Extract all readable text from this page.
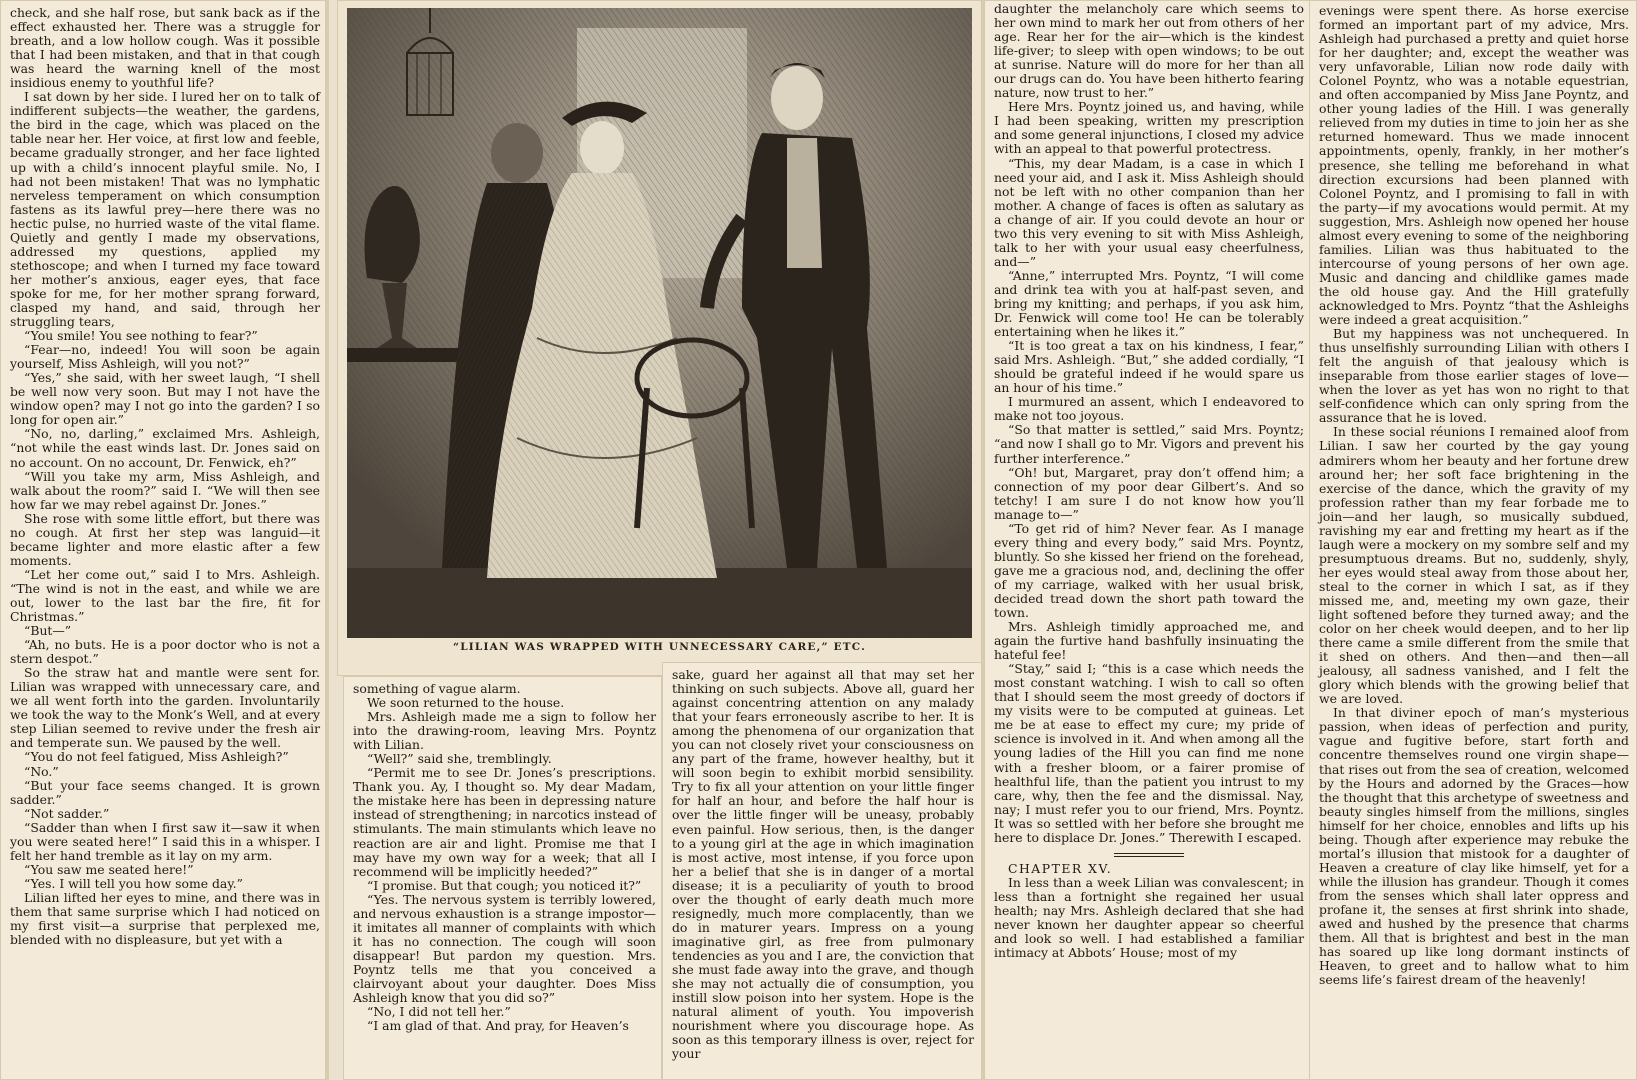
check, and she half rose, but sank back as if the effect exhausted her. There was a struggle for breath, and a low hollow cough. Was it possible that I had been mistaken, and that in that cough was heard the warning knell of the most insidious enemy to youthful life?

I sat down by her side. I lured her on to talk of indifferent subjects—the weather, the gardens, the bird in the cage, which was placed on the table near her. Her voice, at first low and feeble, became gradually stronger, and her face lighted up with a child’s innocent playful smile. No, I had not been mistaken! That was no lymphatic nerveless temperament on which consumption fastens as its lawful prey—here there was no hectic pulse, no hurried waste of the vital flame. Quietly and gently I made my observations, addressed my questions, applied my stethoscope; and when I turned my face toward her mother’s anxious, eager eyes, that face spoke for me, for her mother sprang forward, clasped my hand, and said, through her struggling tears,

“You smile! You see nothing to fear?”

“Fear—no, indeed! You will soon be again yourself, Miss Ashleigh, will you not?”

“Yes,” she said, with her sweet laugh, “I shell be well now very soon. But may I not have the window open? may I not go into the garden? I so long for open air.”

“No, no, darling,” exclaimed Mrs. Ashleigh, “not while the east winds last. Dr. Jones said on no account. On no account, Dr. Fenwick, eh?”

“Will you take my arm, Miss Ashleigh, and walk about the room?” said I. “We will then see how far we may rebel against Dr. Jones.”

She rose with some little effort, but there was no cough. At first her step was languid—it became lighter and more elastic after a few moments.

“Let her come out,” said I to Mrs. Ashleigh. “The wind is not in the east, and while we are out, lower to the last bar the fire, fit for Christmas.”

“But—”

“Ah, no buts. He is a poor doctor who is not a stern despot.”

So the straw hat and mantle were sent for. Lilian was wrapped with unnecessary care, and we all went forth into the garden. Involuntarily we took the way to the Monk’s Well, and at every step Lilian seemed to revive under the fresh air and temperate sun. We paused by the well.

“You do not feel fatigued, Miss Ashleigh?”

“No.”

“But your face seems changed. It is grown sadder.”

“Not sadder.”

“Sadder than when I first saw it—saw it when you were seated here!” I said this in a whisper. I felt her hand tremble as it lay on my arm.

“You saw me seated here!”

“Yes. I will tell you how some day.”

Lilian lifted her eyes to mine, and there was in them that same surprise which I had noticed on my first visit—a surprise that perplexed me, blended with no displeasure, but yet with a

“LILIAN WAS WRAPPED WITH UNNECESSARY CARE,” ETC.

something of vague alarm.

We soon returned to the house.

Mrs. Ashleigh made me a sign to follow her into the drawing-room, leaving Mrs. Poyntz with Lilian.

“Well?” said she, tremblingly.

“Permit me to see Dr. Jones’s prescriptions. Thank you. Ay, I thought so. My dear Madam, the mistake here has been in depressing nature instead of strengthening; in narcotics instead of stimulants. The main stimulants which leave no reaction are air and light. Promise me that I may have my own way for a week; that all I recommend will be implicitly heeded?”

“I promise. But that cough; you noticed it?”

“Yes. The nervous system is terribly lowered, and nervous exhaustion is a strange impostor—it imitates all manner of complaints with which it has no connection. The cough will soon disappear! But pardon my question. Mrs. Poyntz tells me that you conceived a clairvoyant about your daughter. Does Miss Ashleigh know that you did so?”

“No, I did not tell her.”

“I am glad of that. And pray, for Heaven’s

sake, guard her against all that may set her thinking on such subjects. Above all, guard her against concentring attention on any malady that your fears erroneously ascribe to her. It is among the phenomena of our organization that you can not closely rivet your consciousness on any part of the frame, however healthy, but it will soon begin to exhibit morbid sensibility. Try to fix all your attention on your little finger for half an hour, and before the half hour is over the little finger will be uneasy, probably even painful. How serious, then, is the danger to a young girl at the age in which imagination is most active, most intense, if you force upon her a belief that she is in danger of a mortal disease; it is a peculiarity of youth to brood over the thought of early death much more resignedly, much more complacently, than we do in maturer years. Impress on a young imaginative girl, as free from pulmonary tendencies as you and I are, the conviction that she must fade away into the grave, and though she may not actually die of consumption, you instill slow poison into her system. Hope is the natural aliment of youth. You impoverish nourishment where you discourage hope. As soon as this temporary illness is over, reject for your

daughter the melancholy care which seems to her own mind to mark her out from others of her age. Rear her for the air—which is the kindest life-giver; to sleep with open windows; to be out at sunrise. Nature will do more for her than all our drugs can do. You have been hitherto fearing nature, now trust to her.”

Here Mrs. Poyntz joined us, and having, while I had been speaking, written my prescription and some general injunctions, I closed my advice with an appeal to that powerful protectress.

“This, my dear Madam, is a case in which I need your aid, and I ask it. Miss Ashleigh should not be left with no other companion than her mother. A change of faces is often as salutary as a change of air. If you could devote an hour or two this very evening to sit with Miss Ashleigh, talk to her with your usual easy cheerfulness, and—”

“Anne,” interrupted Mrs. Poyntz, “I will come and drink tea with you at half-past seven, and bring my knitting; and perhaps, if you ask him, Dr. Fenwick will come too! He can be tolerably entertaining when he likes it.”

“It is too great a tax on his kindness, I fear,” said Mrs. Ashleigh. “But,” she added cordially, “I should be grateful indeed if he would spare us an hour of his time.”

I murmured an assent, which I endeavored to make not too joyous.

“So that matter is settled,” said Mrs. Poyntz; “and now I shall go to Mr. Vigors and prevent his further interference.”

“Oh! but, Margaret, pray don’t offend him; a connection of my poor dear Gilbert’s. And so tetchy! I am sure I do not know how you’ll manage to—”

“To get rid of him? Never fear. As I manage every thing and every body,” said Mrs. Poyntz, bluntly. So she kissed her friend on the forehead, gave me a gracious nod, and, declining the offer of my carriage, walked with her usual brisk, decided tread down the short path toward the town.

Mrs. Ashleigh timidly approached me, and again the furtive hand bashfully insinuating the hateful fee!

“Stay,” said I; “this is a case which needs the most constant watching. I wish to call so often that I should seem the most greedy of doctors if my visits were to be computed at guineas. Let me be at ease to effect my cure; my pride of science is involved in it. And when among all the young ladies of the Hill you can find me none with a fresher bloom, or a fairer promise of healthful life, than the patient you intrust to my care, why, then the fee and the dismissal. Nay, nay; I must refer you to our friend, Mrs. Poyntz. It was so settled with her before she brought me here to displace Dr. Jones.” Therewith I escaped.

CHAPTER XV.

In less than a week Lilian was convalescent; in less than a fortnight she regained her usual health; nay Mrs. Ashleigh declared that she had never known her daughter appear so cheerful and look so well. I had established a familiar intimacy at Abbots’ House; most of my

evenings were spent there. As horse exercise formed an important part of my advice, Mrs. Ashleigh had purchased a pretty and quiet horse for her daughter; and, except the weather was very unfavorable, Lilian now rode daily with Colonel Poyntz, who was a notable equestrian, and often accompanied by Miss Jane Poyntz, and other young ladies of the Hill. I was generally relieved from my duties in time to join her as she returned homeward. Thus we made innocent appointments, openly, frankly, in her mother’s presence, she telling me beforehand in what direction excursions had been planned with Colonel Poyntz, and I promising to fall in with the party—if my avocations would permit. At my suggestion, Mrs. Ashleigh now opened her house almost every evening to some of the neighboring families. Lilian was thus habituated to the intercourse of young persons of her own age. Music and dancing and childlike games made the old house gay. And the Hill gratefully acknowledged to Mrs. Poyntz “that the Ashleighs were indeed a great acquisition.”

But my happiness was not unchequered. In thus unselfishly surrounding Lilian with others I felt the anguish of that jealousy which is inseparable from those earlier stages of love—when the lover as yet has won no right to that self-confidence which can only spring from the assurance that he is loved.

In these social réunions I remained aloof from Lilian. I saw her courted by the gay young admirers whom her beauty and her fortune drew around her; her soft face brightening in the exercise of the dance, which the gravity of my profession rather than my fear forbade me to join—and her laugh, so musically subdued, ravishing my ear and fretting my heart as if the laugh were a mockery on my sombre self and my presumptuous dreams. But no, suddenly, shyly, her eyes would steal away from those about her, steal to the corner in which I sat, as if they missed me, and, meeting my own gaze, their light softened before they turned away; and the color on her cheek would deepen, and to her lip there came a smile different from the smile that it shed on others. And then—and then—all jealousy, all sadness vanished, and I felt the glory which blends with the growing belief that we are loved.

In that diviner epoch of man’s mysterious passion, when ideas of perfection and purity, vague and fugitive before, start forth and concentre themselves round one virgin shape—that rises out from the sea of creation, welcomed by the Hours and adorned by the Graces—how the thought that this archetype of sweetness and beauty singles himself from the millions, singles himself for her choice, ennobles and lifts up his being. Though after experience may rebuke the mortal’s illusion that mistook for a daughter of Heaven a creature of clay like himself, yet for a while the illusion has grandeur. Though it comes from the senses which shall later oppress and profane it, the senses at first shrink into shade, awed and hushed by the presence that charms them. All that is brightest and best in the man has soared up like long dormant instincts of Heaven, to greet and to hallow what to him seems life’s fairest dream of the heavenly!
